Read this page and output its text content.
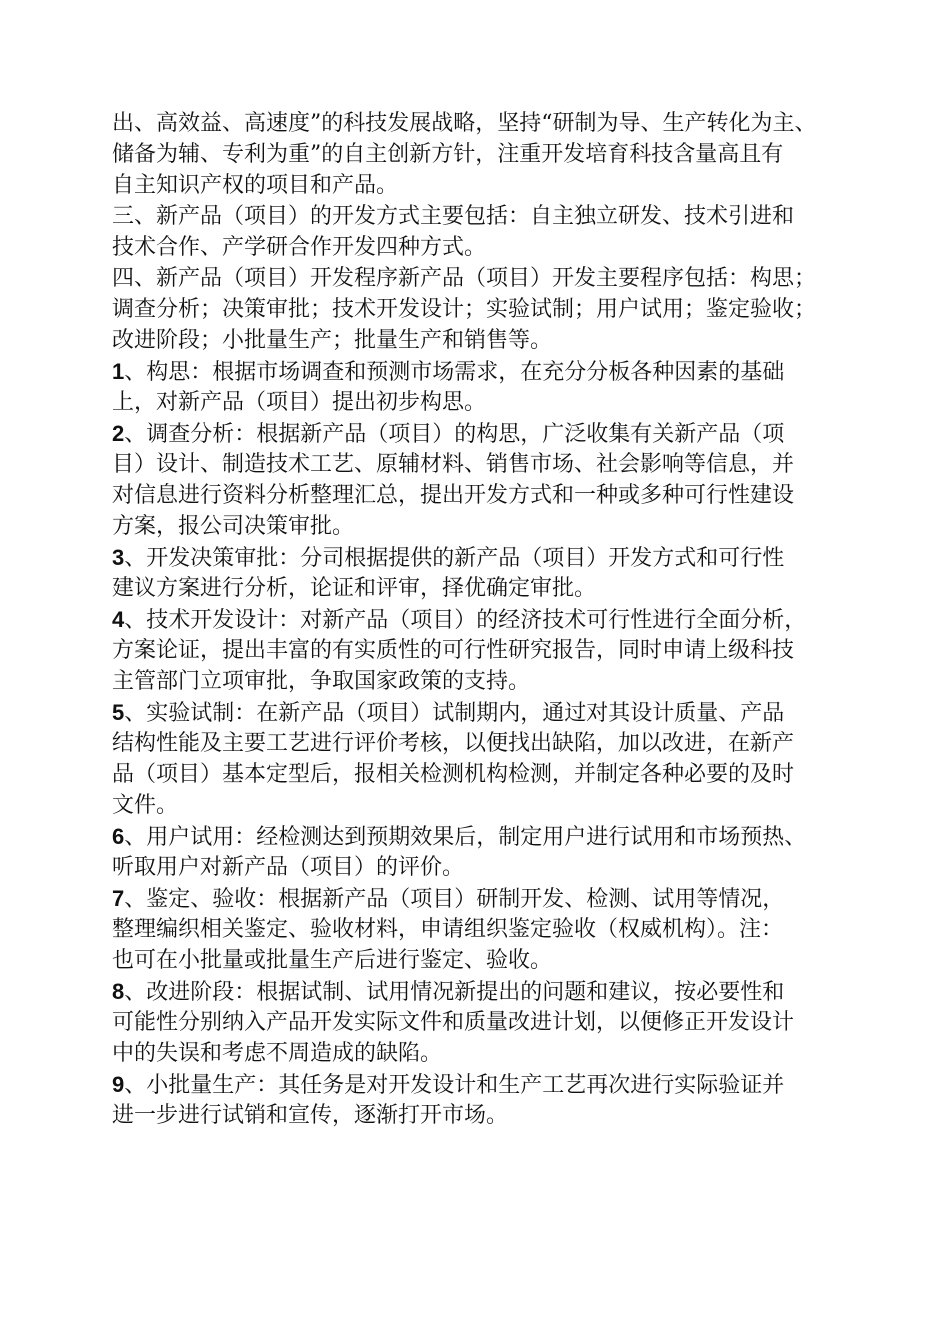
出、高效益、高速度”的科技发展战略，坚持“研制为导、生产转化为主、
储备为辅、专利为重”的自主创新方针，注重开发培育科技含量高且有
自主知识产权的项目和产品。
三、新产品（项目）的开发方式主要包括：自主独立研发、技术引进和
技术合作、产学研合作开发四种方式。
四、新产品（项目）开发程序新产品（项目）开发主要程序包括：构思；
调查分析；决策审批；技术开发设计；实验试制；用户试用；鉴定验收；
改进阶段；小批量生产；批量生产和销售等。
1、构思：根据市场调查和预测市场需求，在充分分板各种因素的基础
上，对新产品（项目）提出初步构思。
2、调查分析：根据新产品（项目）的构思，广泛收集有关新产品（项
目）设计、制造技术工艺、原辅材料、销售市场、社会影响等信息，并
对信息进行资料分析整理汇总，提出开发方式和一种或多种可行性建设
方案，报公司决策审批。
3、开发决策审批：分司根据提供的新产品（项目）开发方式和可行性
建议方案进行分析，论证和评审，择优确定审批。
4、技术开发设计：对新产品（项目）的经济技术可行性进行全面分析，
方案论证，提出丰富的有实质性的可行性研究报告，同时申请上级科技
主管部门立项审批，争取国家政策的支持。
5、实验试制：在新产品（项目）试制期内，通过对其设计质量、产品
结构性能及主要工艺进行评价考核，以便找出缺陷，加以改进，在新产
品（项目）基本定型后，报相关检测机构检测，并制定各种必要的及时
文件。
6、用户试用：经检测达到预期效果后，制定用户进行试用和市场预热、
听取用户对新产品（项目）的评价。
7、鉴定、验收：根据新产品（项目）研制开发、检测、试用等情况，
整理编织相关鉴定、验收材料，申请组织鉴定验收（权威机构）。注：
也可在小批量或批量生产后进行鉴定、验收。
8、改进阶段：根据试制、试用情况新提出的问题和建议，按必要性和
可能性分别纳入产品开发实际文件和质量改进计划，以便修正开发设计
中的失误和考虑不周造成的缺陷。
9、小批量生产：其任务是对开发设计和生产工艺再次进行实际验证并
进一步进行试销和宣传，逐渐打开市场。
